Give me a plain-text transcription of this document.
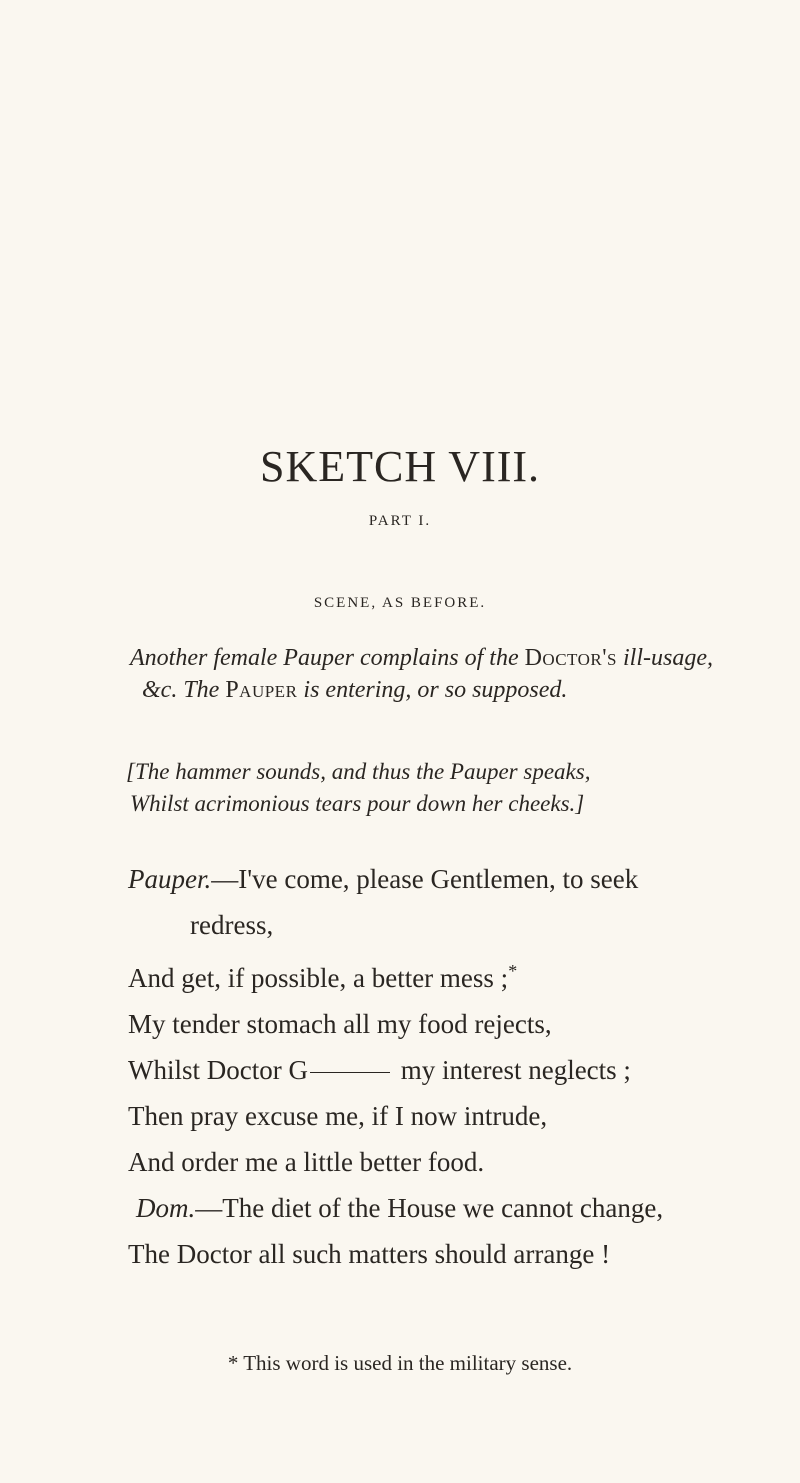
SKETCH VIII.
PART I.
SCENE, AS BEFORE.
Another female Pauper complains of the Doctor's ill-usage,
&c. The Pauper is entering, or so supposed.
[The hammer sounds, and thus the Pauper speaks,
Whilst acrimonious tears pour down her cheeks.]
Pauper.—I've come, please Gentlemen, to seek
redress,
And get, if possible, a better mess ;*
My tender stomach all my food rejects,
Whilst Doctor G	my interest neglects ;
Then pray excuse me, if I now intrude,
And order me a little better food.
Dom.—The diet of the House we cannot change,
The Doctor all such matters should arrange !
* This word is used in the military sense.
